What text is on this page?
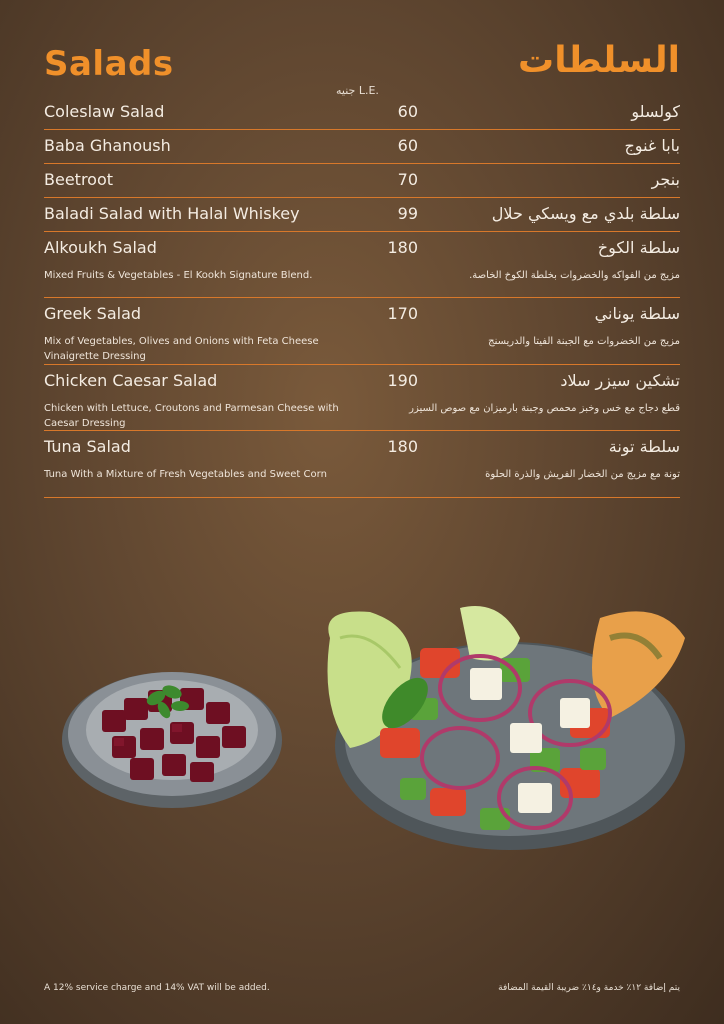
Salads	السلطات
جنيه L.E.
Coleslaw Salad	60	كولسلو
Baba Ghanoush	60	بابا غنوج
Beetroot	70	بنجر
Baladi Salad with Halal Whiskey	99	سلطة بلدي مع ويسكي حلال
Alkoukh Salad	180	سلطة الكوخ
Mixed Fruits & Vegetables - El Kookh Signature Blend.	مزيج من الفواكه والخضروات بخلطة الكوخ الخاصة.
Greek Salad	170	سلطة يوناني
Mix of Vegetables, Olives and Onions with Feta Cheese Vinaigrette Dressing
مزيج من الخضروات مع الجبنة الفيتا والدريسنج
Chicken Caesar Salad	190	تشكين سيزر سلاد
Chicken with Lettuce, Croutons and Parmesan Cheese with Caesar Dressing
قطع دجاج مع خس وخبز محمص وجبنة بارميزان مع صوص السيزر
Tuna Salad	180	سلطة تونة
Tuna With a Mixture of Fresh Vegetables and Sweet Corn	تونة مع مزيج من الخضار الفريش والذرة الحلوة
A 12% service charge and 14% VAT will be added.	يتم إضافة ١٢٪ خدمة و١٤٪ ضريبة القيمة المضافة
